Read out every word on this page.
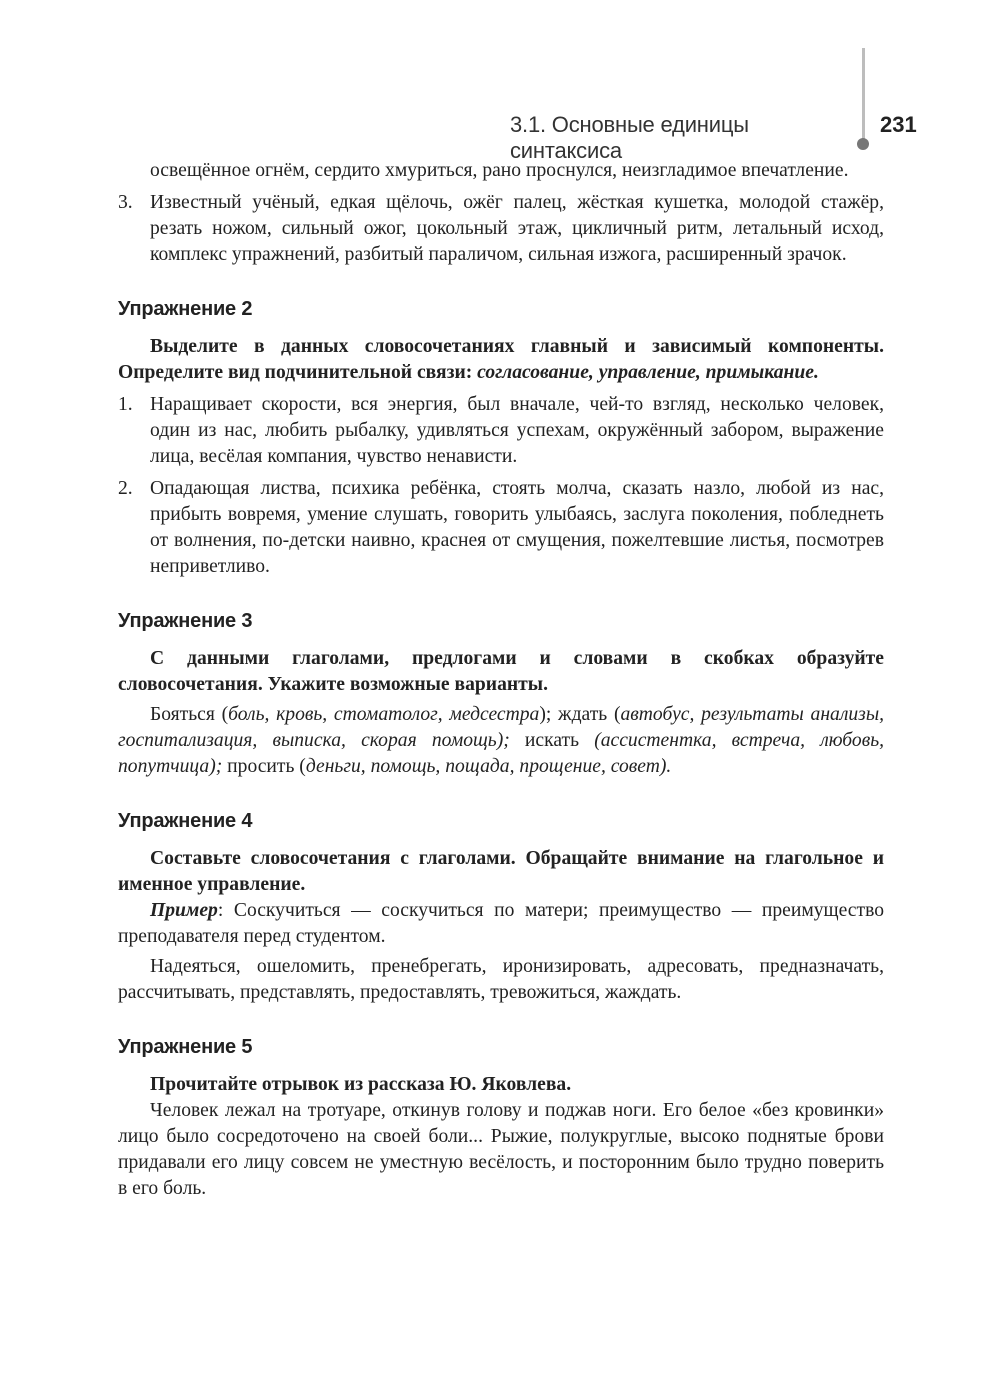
3.1. Основные единицы синтаксиса
231

освещённое огнём, сердито хмуриться, рано проснулся, неизгладимое впечатление.

3. Известный учёный, едкая щёлочь, ожёг палец, жёсткая кушетка, молодой стажёр, резать ножом, сильный ожог, цокольный этаж, цикличный ритм, летальный исход, комплекс упражнений, разбитый параличом, сильная изжога, расширенный зрачок.
Упражнение 2

Выделите в данных словосочетаниях главный и зависимый компоненты. Определите вид подчинительной связи: согласование, управление, примыкание.

1. Наращивает скорости, вся энергия, был вначале, чей-то взгляд, несколько человек, один из нас, любить рыбалку, удивляться успехам, окружённый забором, выражение лица, весёлая компания, чувство ненависти.
2. Опадающая листва, психика ребёнка, стоять молча, сказать назло, любой из нас, прибыть вовремя, умение слушать, говорить улыбаясь, заслуга поколения, побледнеть от волнения, по-детски наивно, краснея от смущения, пожелтевшие листья, посмотрев неприветливо.
Упражнение 3

С данными глаголами, предлогами и словами в скобках образуйте словосочетания. Укажите возможные варианты.

Бояться (боль, кровь, стоматолог, медсестра); ждать (автобус, результаты анализы, госпитализация, выписка, скорая помощь); искать (ассистентка, встреча, любовь, попутчица); просить (деньги, помощь, пощада, прощение, совет).

Упражнение 4

Составьте словосочетания с глаголами. Обращайте внимание на глагольное и именное управление.

Пример: Соскучиться — соскучиться по матери; преимущество — преимущество преподавателя перед студентом.

Надеяться, ошеломить, пренебрегать, иронизировать, адресовать, предназначать, рассчитывать, представлять, предоставлять, тревожиться, жаждать.

Упражнение 5

Прочитайте отрывок из рассказа Ю. Яковлева.

Человек лежал на тротуаре, откинув голову и поджав ноги. Его белое «без кровинки» лицо было сосредоточено на своей боли... Рыжие, полукруглые, высоко поднятые брови придавали его лицу совсем не уместную весёлость, и посторонним было трудно поверить в его боль.
